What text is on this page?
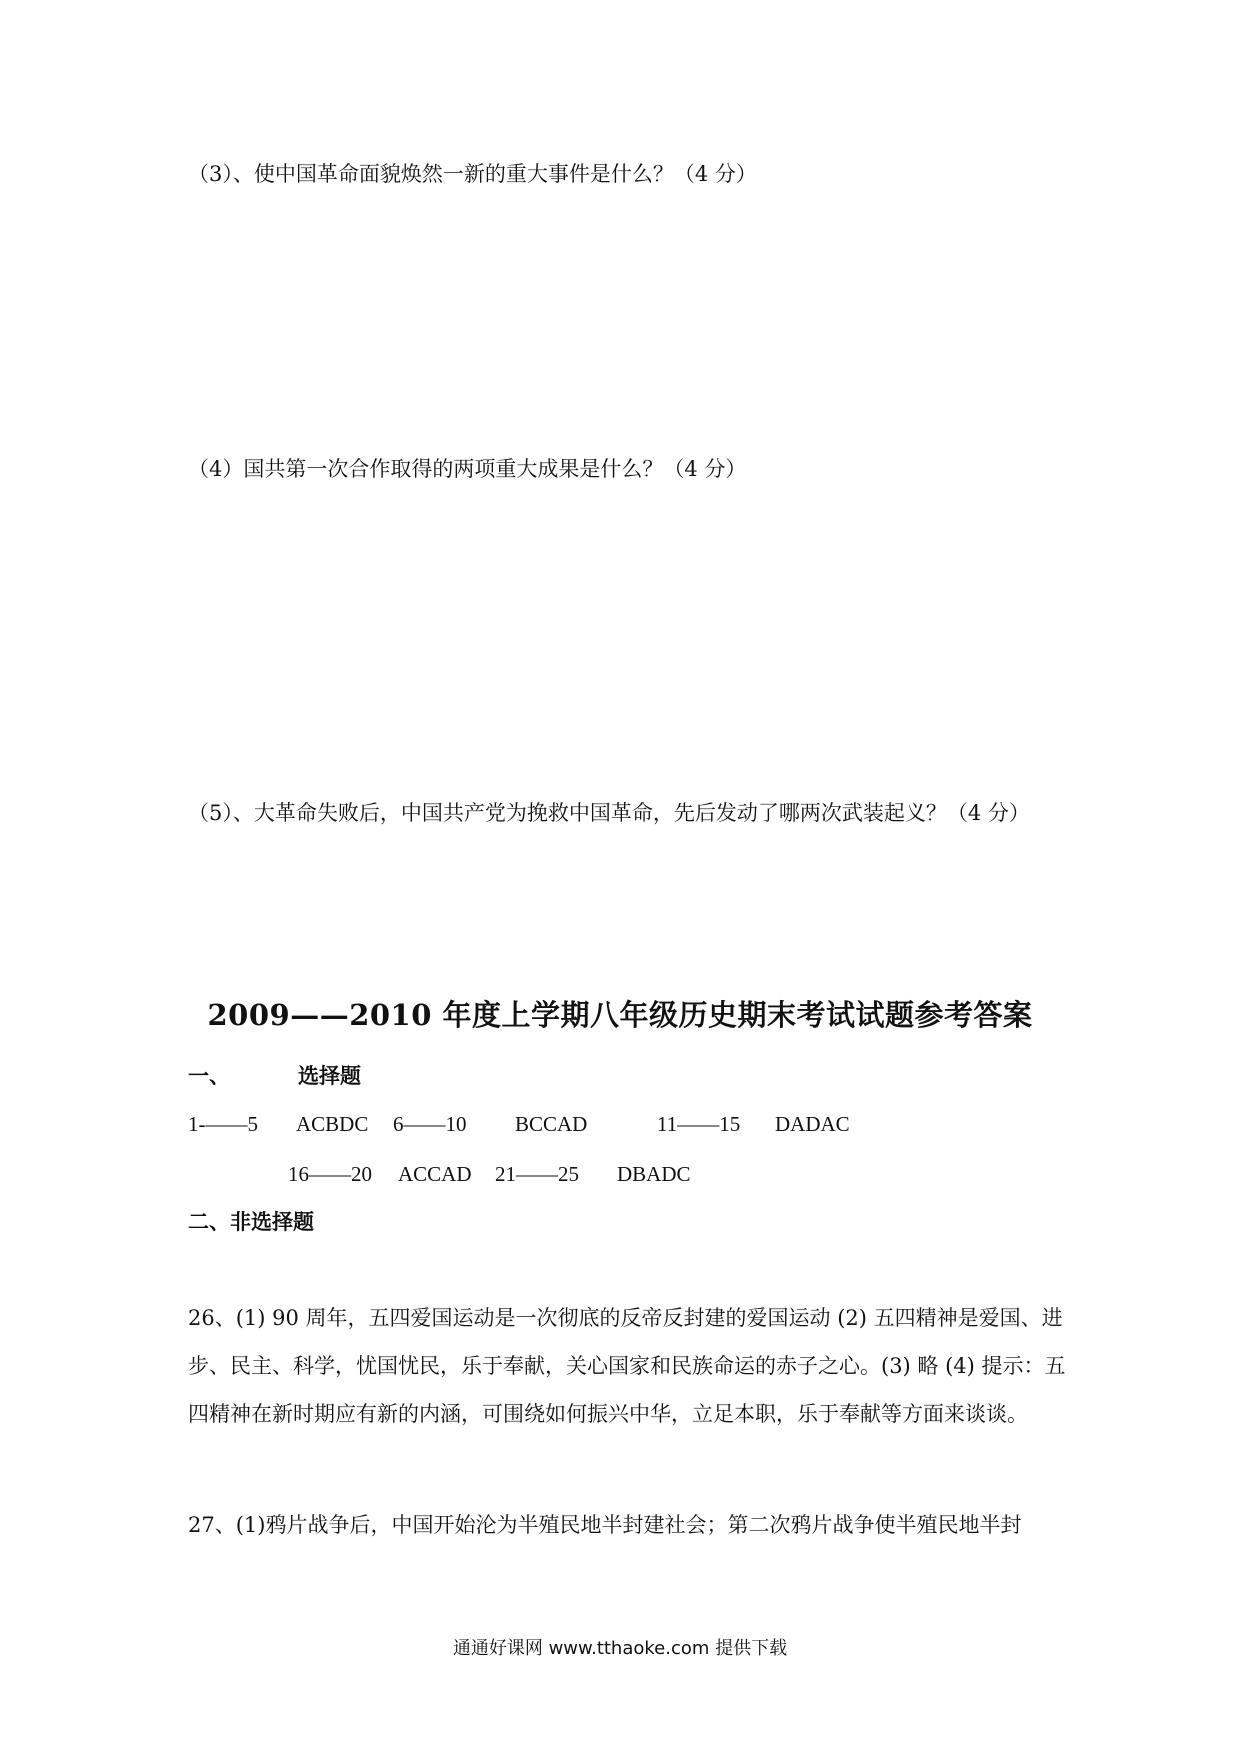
（3）、使中国革命面貌焕然一新的重大事件是什么？（4 分）

（4）国共第一次合作取得的两项重大成果是什么？（4 分）

（5）、大革命失败后，中国共产党为挽救中国革命，先后发动了哪两次武装起义？（4 分）

2009——2010 年度上学期八年级历史期末考试试题参考答案
一、	选择题
1-——5 ACBDC 6——10 BCCAD	11——15 DADAC
16——20 ACCAD 21——25 DBADC
二、非选择题

26、(1) 90 周年，五四爱国运动是一次彻底的反帝反封建的爱国运动 (2) 五四精神是爱国、进步、民主、科学，忧国忧民，乐于奉献，关心国家和民族命运的赤子之心。(3) 略 (4) 提示：五四精神在新时期应有新的内涵，可围绕如何振兴中华，立足本职，乐于奉献等方面来谈谈。

27、(1)鸦片战争后，中国开始沦为半殖民地半封建社会；第二次鸦片战争使半殖民地半封

通通好课网 www.tthaoke.com 提供下载
